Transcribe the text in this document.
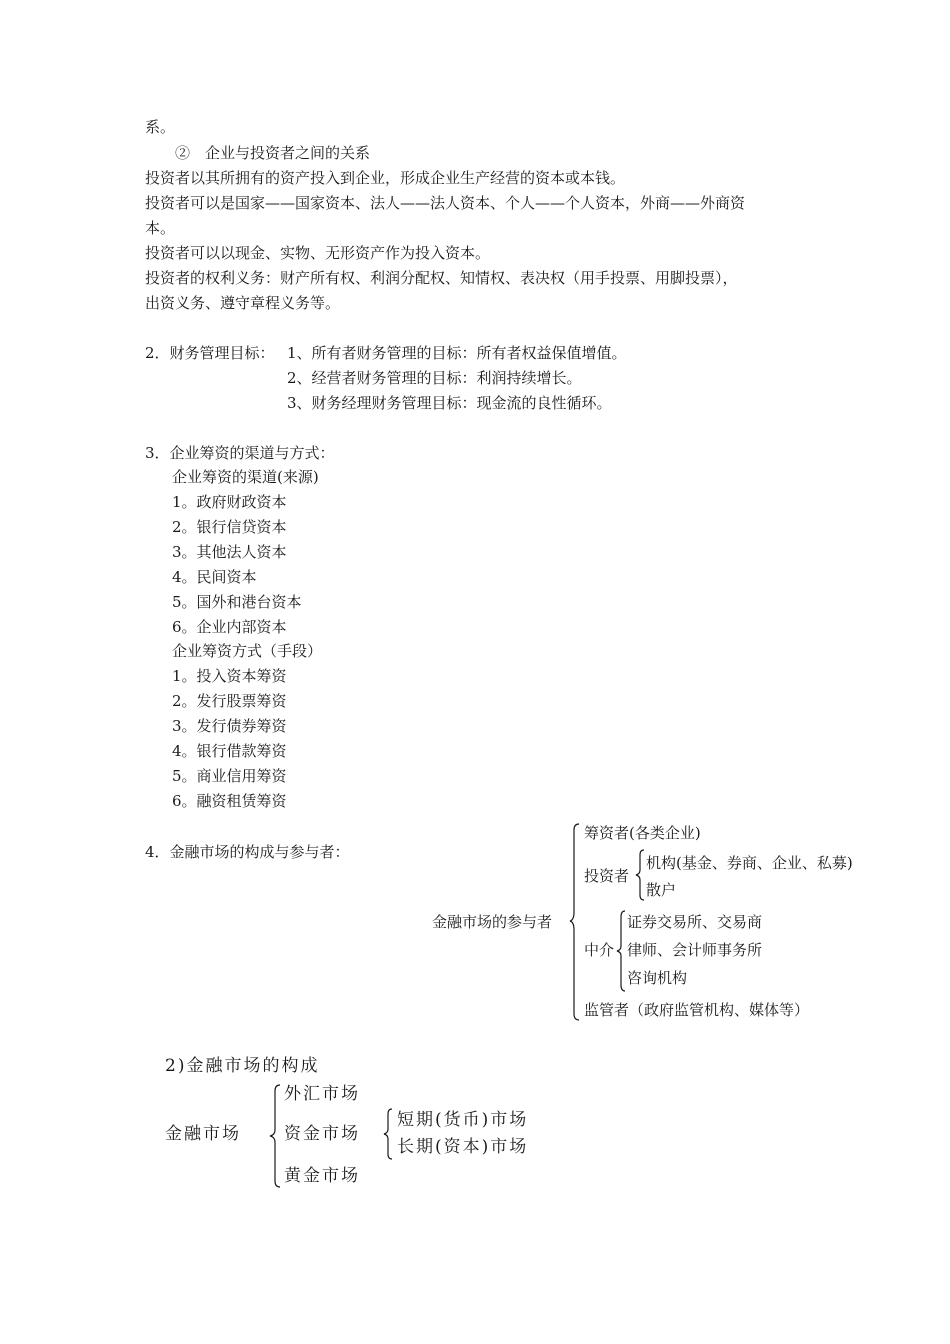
系。
②　企业与投资者之间的关系
投资者以其所拥有的资产投入到企业，形成企业生产经营的资本或本钱。
投资者可以是国家——国家资本、法人——法人资本、个人——个人资本，外商——外商资
本。
投资者可以以现金、实物、无形资产作为投入资本。
投资者的权利义务：财产所有权、利润分配权、知情权、表决权（用手投票、用脚投票），
出资义务、遵守章程义务等。
2．财务管理目标： 1、所有者财务管理的目标：所有者权益保值增值。
2、经营者财务管理的目标：利润持续增长。
3、财务经理财务管理目标：现金流的良性循环。
3．企业筹资的渠道与方式：
企业筹资的渠道(来源)
1。政府财政资本
2。银行信贷资本
3。其他法人资本
4。民间资本
5。国外和港台资本
6。企业内部资本
企业筹资方式（手段）
1。投入资本筹资
2。发行股票筹资
3。发行债券筹资
4。银行借款筹资
5。商业信用筹资
6。融资租赁筹资
4．金融市场的构成与参与者：
金融市场的参与者
筹资者(各类企业)
投资者
机构(基金、券商、企业、私募)
散户
中介
证券交易所、交易商
律师、会计师事务所
咨询机构
监管者（政府监管机构、媒体等）
2)金融市场的构成
金融市场
外汇市场
资金市场
短期(货币)市场
长期(资本)市场
黄金市场
